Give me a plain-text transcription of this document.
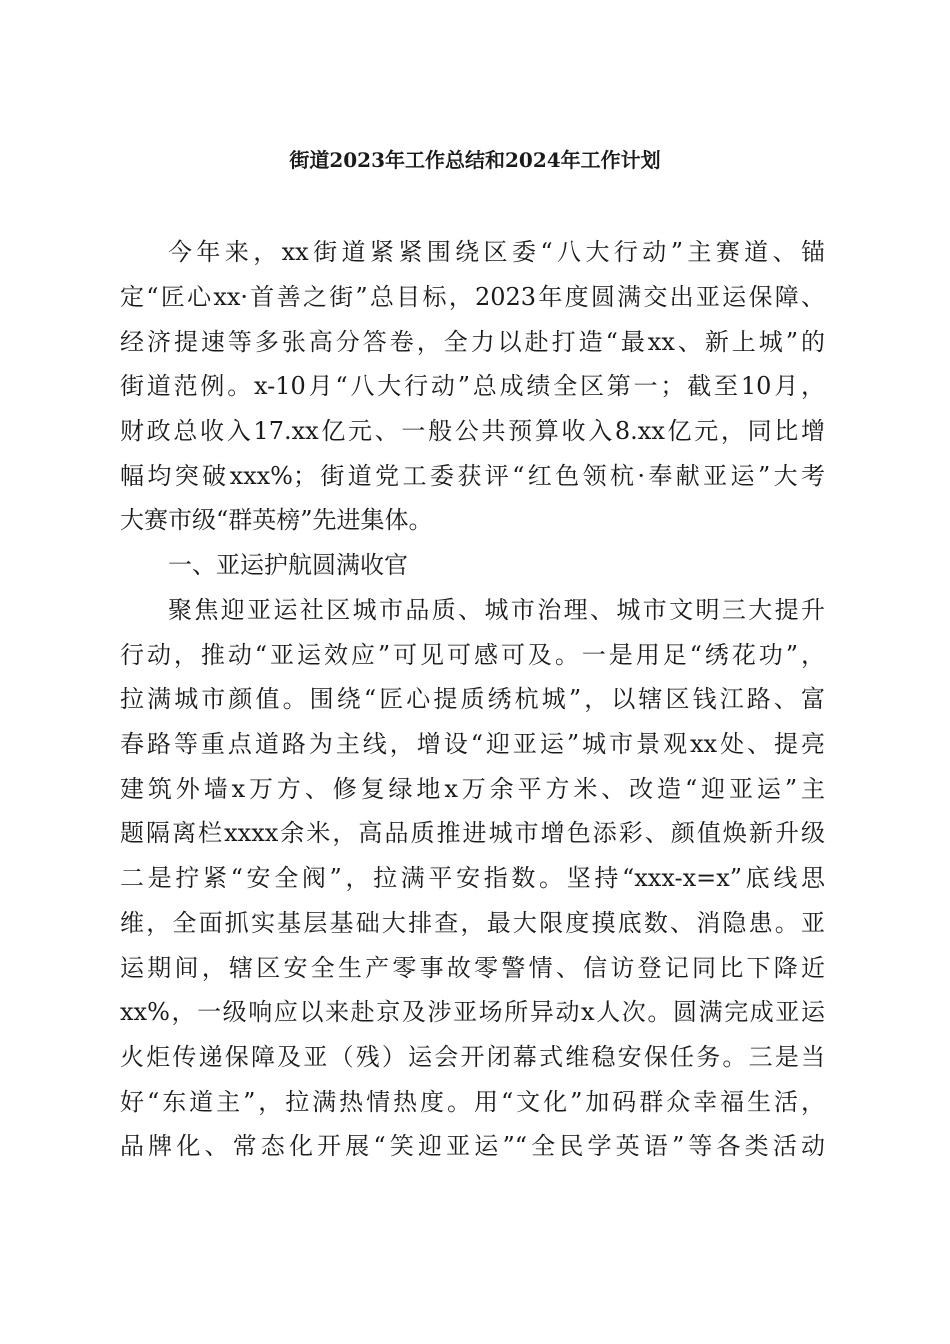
街道2023年工作总结和2024年工作计划
今年来，xx街道紧紧围绕区委“八大行动”主赛道、锚
定“匠心xx·首善之街”总目标，2023年度圆满交出亚运保障、
经济提速等多张高分答卷，全力以赴打造“最xx、新上城”的
街道范例。x-10月“八大行动”总成绩全区第一；截至10月，
财政总收入17.xx亿元、一般公共预算收入8.xx亿元，同比增
幅均突破xxx%；街道党工委获评“红色领杭·奉献亚运”大考
大赛市级“群英榜”先进集体。
一、亚运护航圆满收官
聚焦迎亚运社区城市品质、城市治理、城市文明三大提升
行动，推动“亚运效应”可见可感可及。一是用足“绣花功”，
拉满城市颜值。围绕“匠心提质绣杭城”，以辖区钱江路、富
春路等重点道路为主线，增设“迎亚运”城市景观xx处、提亮
建筑外墙x万方、修复绿地x万余平方米、改造“迎亚运”主
题隔离栏xxxx余米，高品质推进城市增色添彩、颜值焕新升级
二是拧紧“安全阀”，拉满平安指数。坚持“xxx-x=x”底线思
维，全面抓实基层基础大排查，最大限度摸底数、消隐患。亚
运期间，辖区安全生产零事故零警情、信访登记同比下降近
xx%，一级响应以来赴京及涉亚场所异动x人次。圆满完成亚运
火炬传递保障及亚（残）运会开闭幕式维稳安保任务。三是当
好“东道主”，拉满热情热度。用“文化”加码群众幸福生活，
品牌化、常态化开展“笑迎亚运”“全民学英语”等各类活动
